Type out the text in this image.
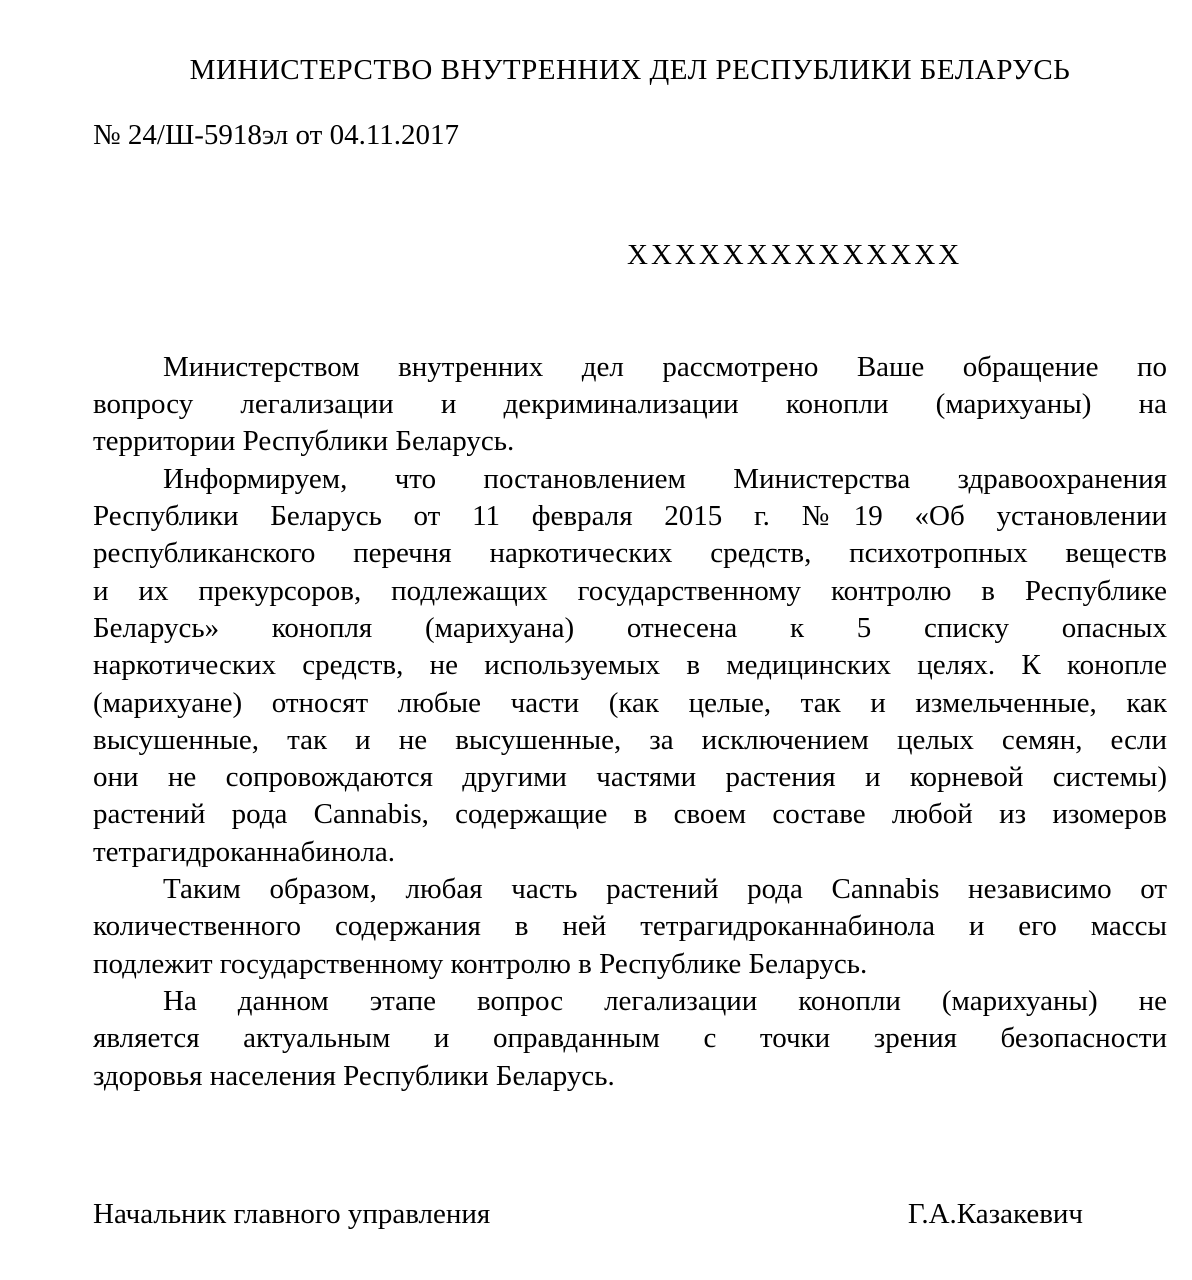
МИНИСТЕРСТВО ВНУТРЕННИХ ДЕЛ РЕСПУБЛИКИ БЕЛАРУСЬ
№ 24/Ш-5918эл от 04.11.2017
XXXXXXXXXXXXXX
Министерством внутренних дел рассмотрено Ваше обращение по
вопросу легализации и декриминализации конопли (марихуаны) на
территории Республики Беларусь.
Информируем, что постановлением Министерства здравоохранения
Республики Беларусь от 11 февраля 2015 г. №19 «Об установлении
республиканского перечня наркотических средств, психотропных веществ
и их прекурсоров, подлежащих государственному контролю в Республике
Беларусь» конопля (марихуана) отнесена к 5 списку опасных
наркотических средств, не используемых в медицинских целях. К конопле
(марихуане) относят любые части (как целые, так и измельченные, как
высушенные, так и не высушенные, за исключением целых семян, если
они не сопровождаются другими частями растения и корневой системы)
растений рода Cannabis, содержащие в своем составе любой из изомеров
тетрагидроканнабинола.
Таким образом, любая часть растений рода Cannabis независимо от
количественного содержания в ней тетрагидроканнабинола и его массы
подлежит государственному контролю в Республике Беларусь.
На данном этапе вопрос легализации конопли (марихуаны) не
является актуальным и оправданным с точки зрения безопасности
здоровья населения Республики Беларусь.
Начальник главного управления	Г.А.Казакевич
